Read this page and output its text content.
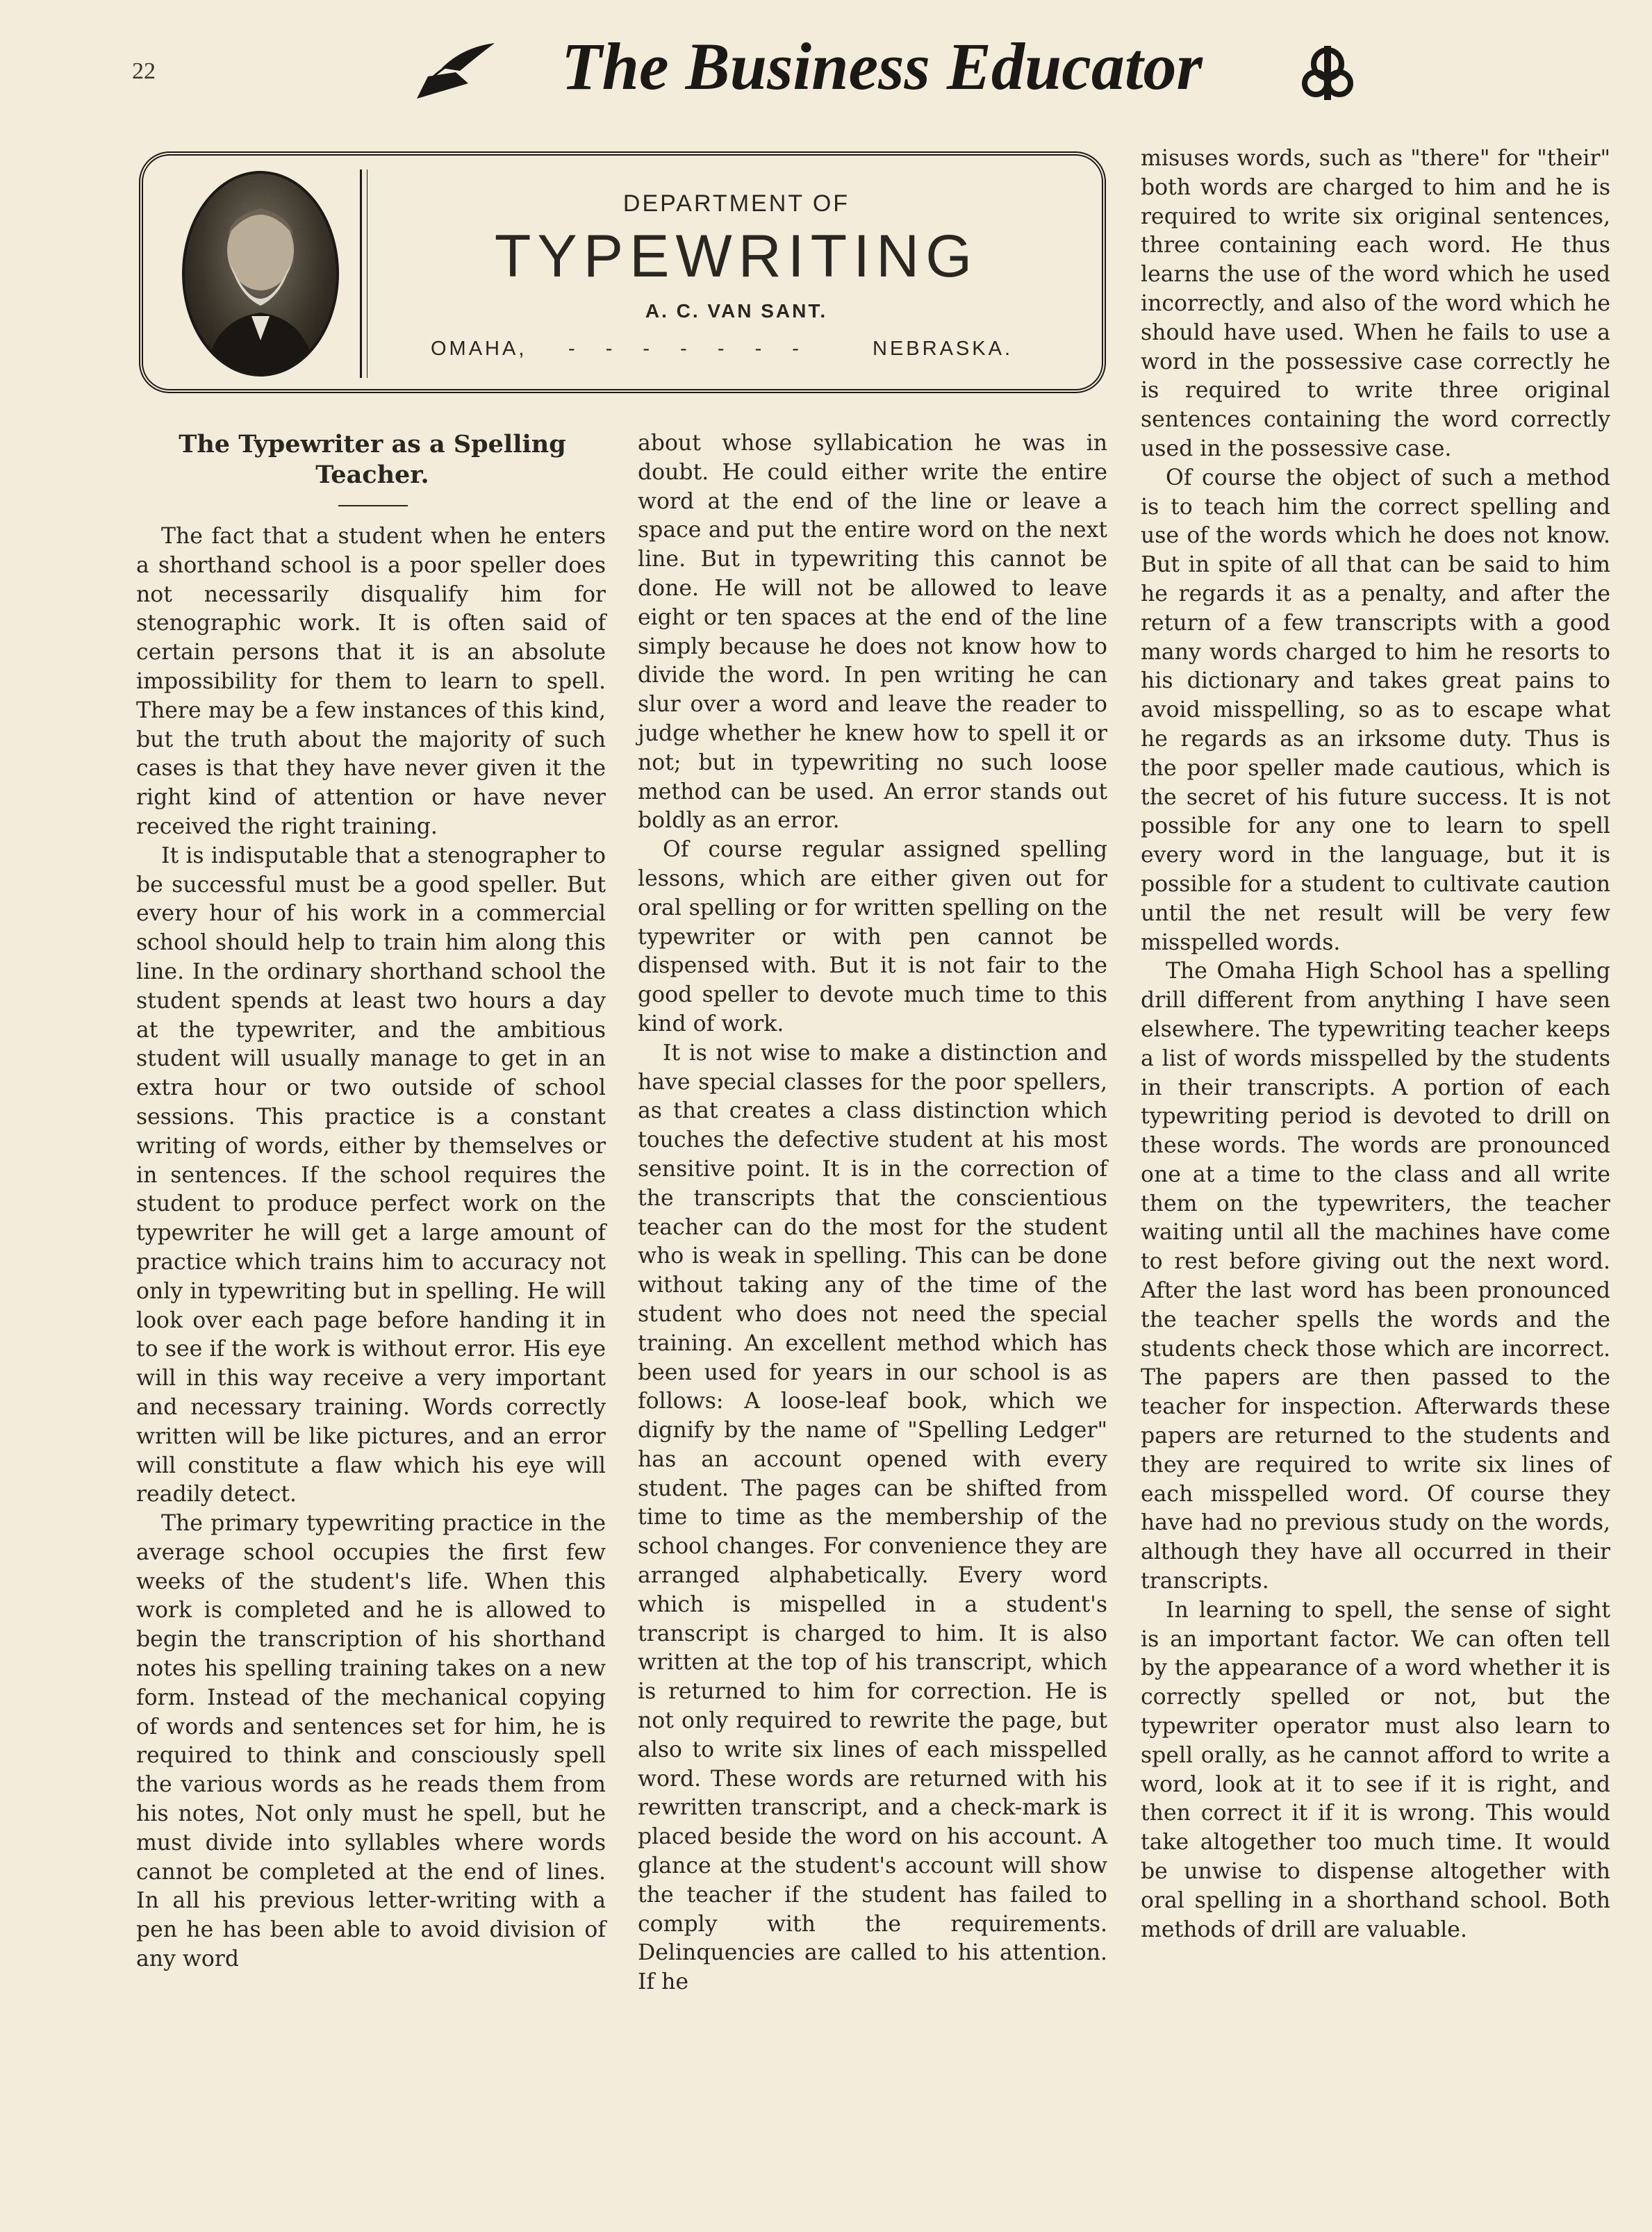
22	The Business Educator
DEPARTMENT OF
TYPEWRITING
A. C. VAN SANT.
OMAHA, - - - - - - -	NEBRASKA.
The Typewriter as a Spelling
Teacher.

The fact that a student when he enters a shorthand school is a poor speller does not necessarily disqualify him for stenographic work. It is often said of certain persons that it is an absolute impossibility for them to learn to spell. There may be a few instances of this kind, but the truth about the majority of such cases is that they have never given it the right kind of attention or have never received the right training.

It is indisputable that a stenographer to be successful must be a good speller. But every hour of his work in a commercial school should help to train him along this line. In the ordinary shorthand school the student spends at least two hours a day at the typewriter, and the ambitious student will usually manage to get in an extra hour or two outside of school sessions. This practice is a constant writing of words, either by themselves or in sentences. If the school requires the student to produce perfect work on the typewriter he will get a large amount of practice which trains him to accuracy not only in typewriting but in spelling. He will look over each page before handing it in to see if the work is without error. His eye will in this way receive a very important and necessary training. Words correctly written will be like pictures, and an error will constitute a flaw which his eye will readily detect.

The primary typewriting practice in the average school occupies the first few weeks of the student's life. When this work is completed and he is allowed to begin the transcription of his shorthand notes his spelling training takes on a new form. Instead of the mechanical copying of words and sentences set for him, he is required to think and consciously spell the various words as he reads them from his notes, Not only must he spell, but he must divide into syllables where words cannot be completed at the end of lines. In all his previous letter-writing with a pen he has been able to avoid division of any word

about whose syllabication he was in doubt. He could either write the entire word at the end of the line or leave a space and put the entire word on the next line. But in typewriting this cannot be done. He will not be allowed to leave eight or ten spaces at the end of the line simply because he does not know how to divide the word. In pen writing he can slur over a word and leave the reader to judge whether he knew how to spell it or not; but in typewriting no such loose method can be used. An error stands out boldly as an error.

Of course regular assigned spelling lessons, which are either given out for oral spelling or for written spelling on the typewriter or with pen cannot be dispensed with. But it is not fair to the good speller to devote much time to this kind of work.

It is not wise to make a distinction and have special classes for the poor spellers, as that creates a class distinction which touches the defective student at his most sensitive point. It is in the correction of the transcripts that the conscientious teacher can do the most for the student who is weak in spelling. This can be done without taking any of the time of the student who does not need the special training. An excellent method which has been used for years in our school is as follows: A loose-leaf book, which we dignify by the name of "Spelling Ledger" has an account opened with every student. The pages can be shifted from time to time as the membership of the school changes. For convenience they are arranged alphabetically. Every word which is mispelled in a student's transcript is charged to him. It is also written at the top of his transcript, which is returned to him for correction. He is not only required to rewrite the page, but also to write six lines of each misspelled word. These words are returned with his rewritten transcript, and a check-mark is placed beside the word on his account. A glance at the student's account will show the teacher if the student has failed to comply with the requirements. Delinquencies are called to his attention. If he

misuses words, such as "there" for "their" both words are charged to him and he is required to write six original sentences, three containing each word. He thus learns the use of the word which he used incorrectly, and also of the word which he should have used. When he fails to use a word in the possessive case correctly he is required to write three original sentences containing the word correctly used in the possessive case.

Of course the object of such a method is to teach him the correct spelling and use of the words which he does not know. But in spite of all that can be said to him he regards it as a penalty, and after the return of a few transcripts with a good many words charged to him he resorts to his dictionary and takes great pains to avoid misspelling, so as to escape what he regards as an irksome duty. Thus is the poor speller made cautious, which is the secret of his future success. It is not possible for any one to learn to spell every word in the language, but it is possible for a student to cultivate caution until the net result will be very few misspelled words.

The Omaha High School has a spelling drill different from anything I have seen elsewhere. The typewriting teacher keeps a list of words misspelled by the students in their transcripts. A portion of each typewriting period is devoted to drill on these words. The words are pronounced one at a time to the class and all write them on the typewriters, the teacher waiting until all the machines have come to rest before giving out the next word. After the last word has been pronounced the teacher spells the words and the students check those which are incorrect. The papers are then passed to the teacher for inspection. Afterwards these papers are returned to the students and they are required to write six lines of each misspelled word. Of course they have had no previous study on the words, although they have all occurred in their transcripts.

In learning to spell, the sense of sight is an important factor. We can often tell by the appearance of a word whether it is correctly spelled or not, but the typewriter operator must also learn to spell orally, as he cannot afford to write a word, look at it to see if it is right, and then correct it if it is wrong. This would take altogether too much time. It would be unwise to dispense altogether with oral spelling in a shorthand school. Both methods of drill are valuable.
